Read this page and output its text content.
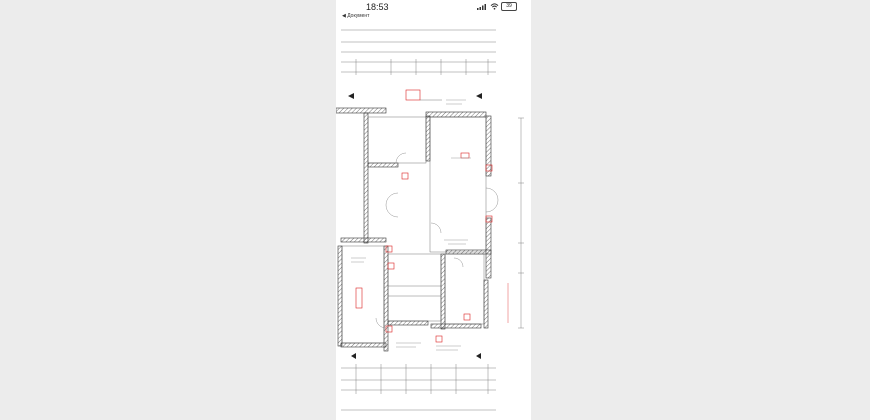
18:53	39
◀ Документ
